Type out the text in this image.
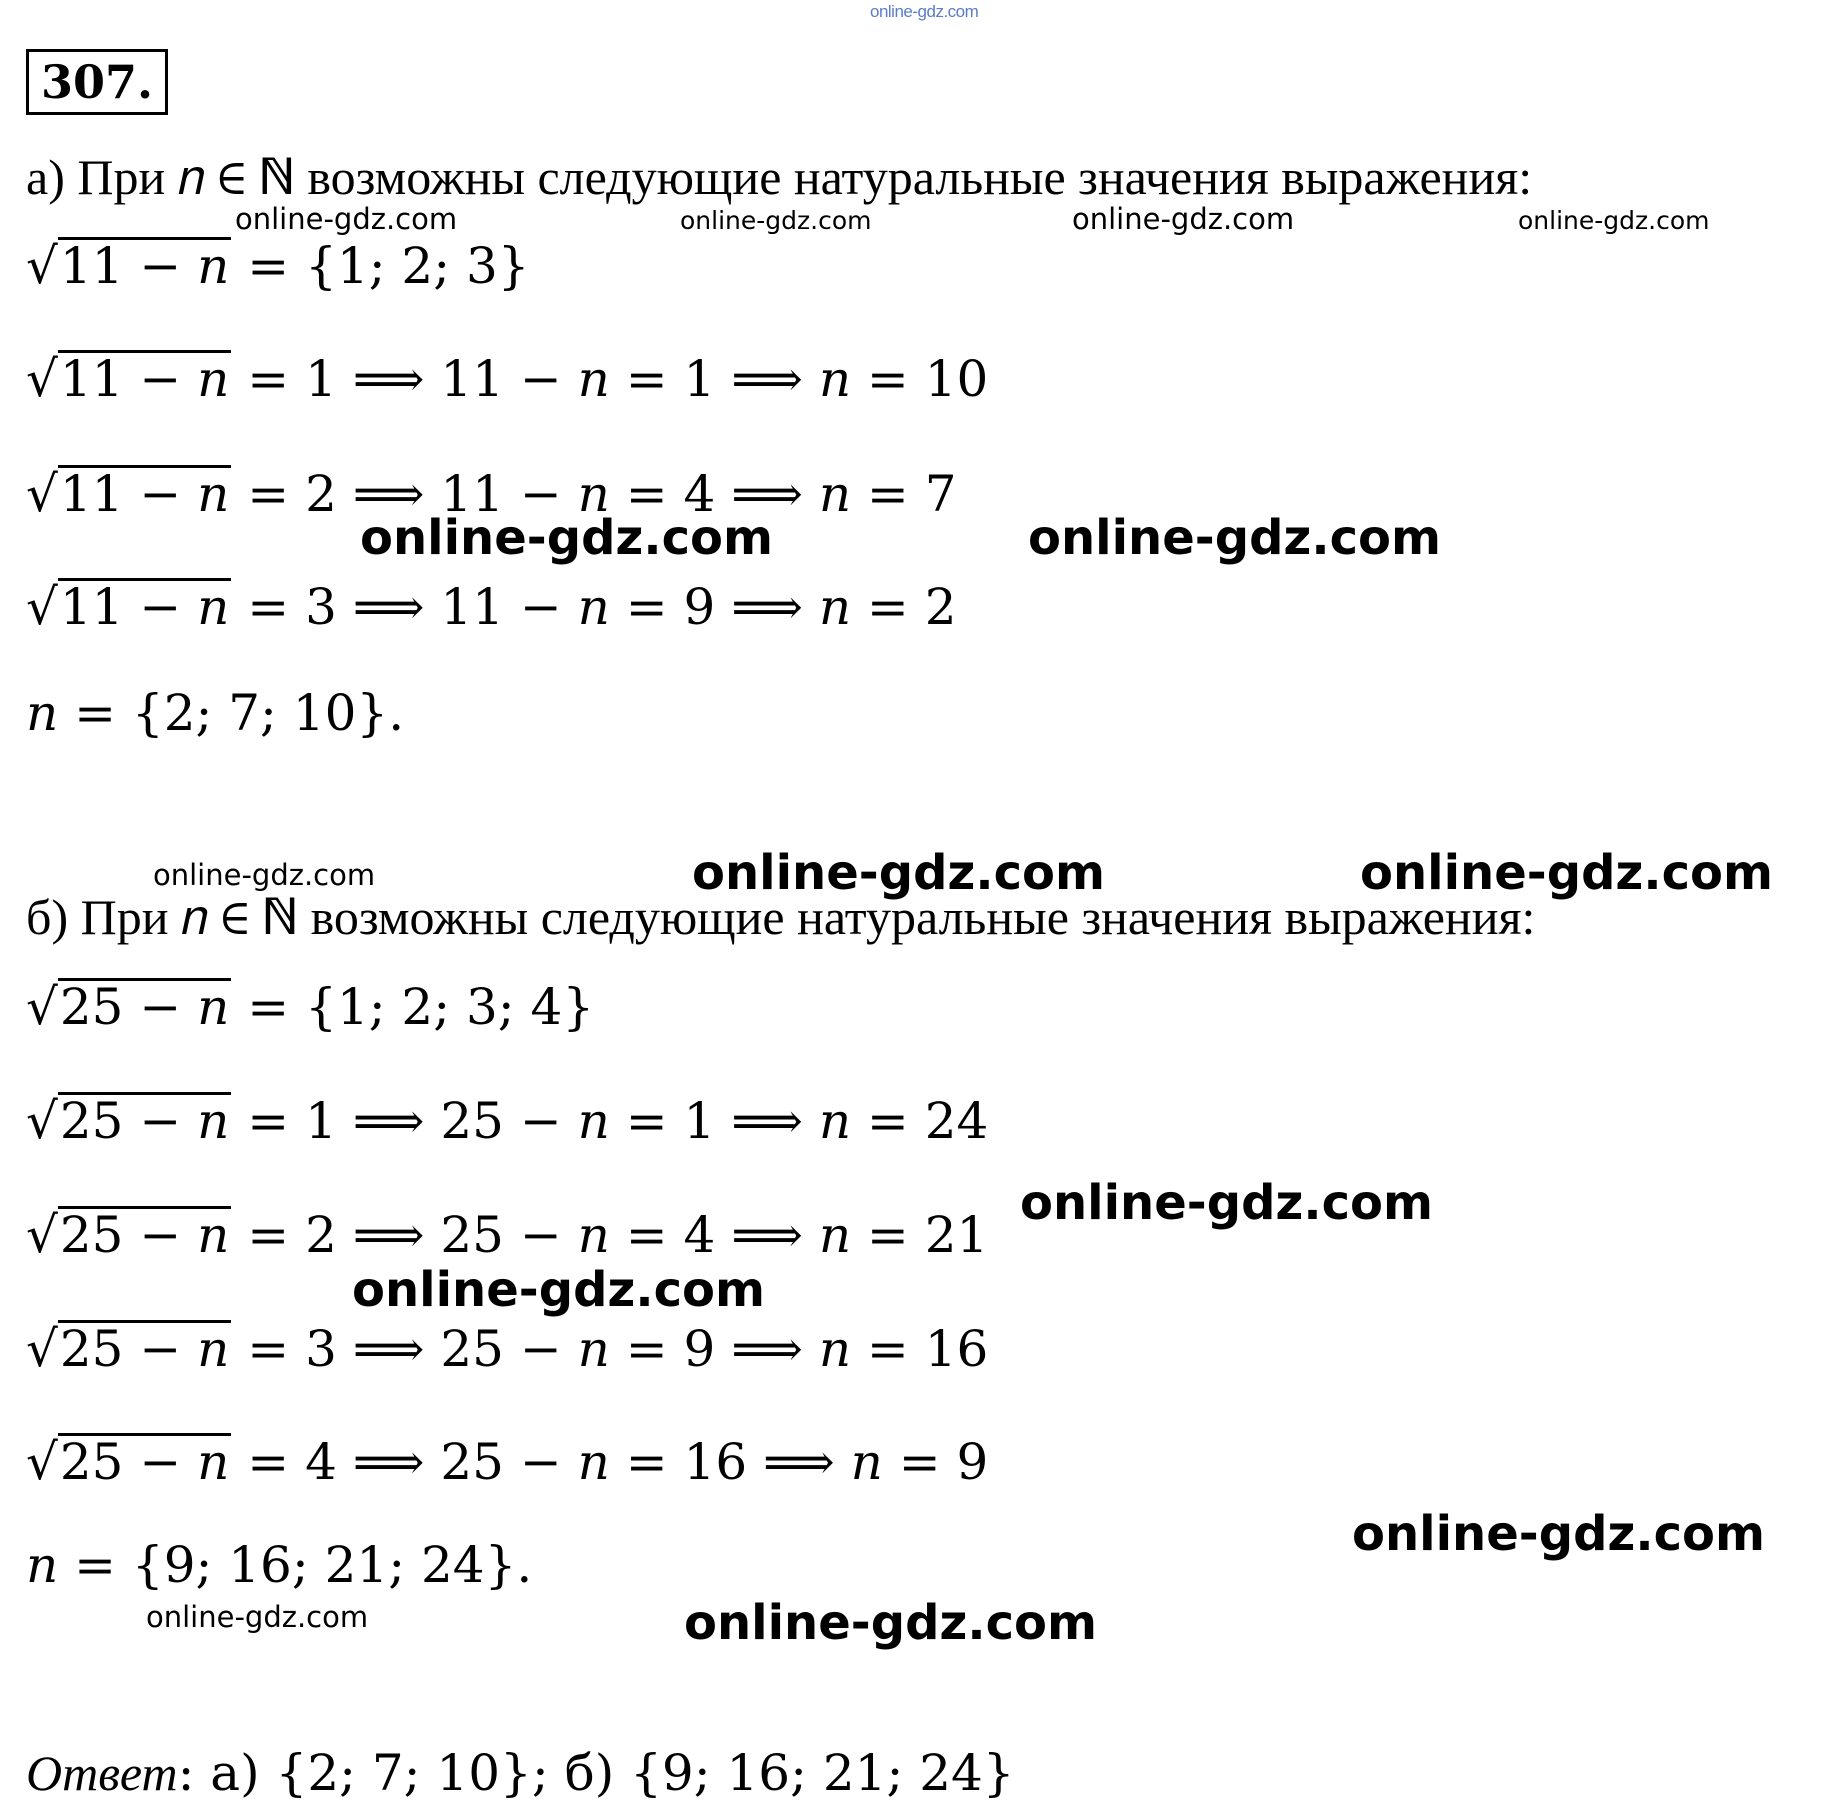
online-gdz.com
307.
а) При 𝑛 ∈ ℕ возможны следующие натуральные значения выражения:
√11 − 𝑛 = {1; 2; 3}
√11 − 𝑛 = 1 ⟹ 11 − 𝑛 = 1 ⟹ 𝑛 = 10
√11 − 𝑛 = 2 ⟹ 11 − 𝑛 = 4 ⟹ 𝑛 = 7
√11 − 𝑛 = 3 ⟹ 11 − 𝑛 = 9 ⟹ 𝑛 = 2
𝑛 = {2; 7; 10}.
б) При 𝑛 ∈ ℕ возможны следующие натуральные значения выражения:
√25 − 𝑛 = {1; 2; 3; 4}
√25 − 𝑛 = 1 ⟹ 25 − 𝑛 = 1 ⟹ 𝑛 = 24
√25 − 𝑛 = 2 ⟹ 25 − 𝑛 = 4 ⟹ 𝑛 = 21
√25 − 𝑛 = 3 ⟹ 25 − 𝑛 = 9 ⟹ 𝑛 = 16
√25 − 𝑛 = 4 ⟹ 25 − 𝑛 = 16 ⟹ 𝑛 = 9
𝑛 = {9; 16; 21; 24}.
Ответ: а) {2; 7; 10}; б) {9; 16; 21; 24}
online-gdz.com	online-gdz.com	online-gdz.com	online-gdz.com
online-gdz.com	online-gdz.com
online-gdz.com	online-gdz.com	online-gdz.com
online-gdz.com
online-gdz.com
online-gdz.com
online-gdz.com	online-gdz.com
